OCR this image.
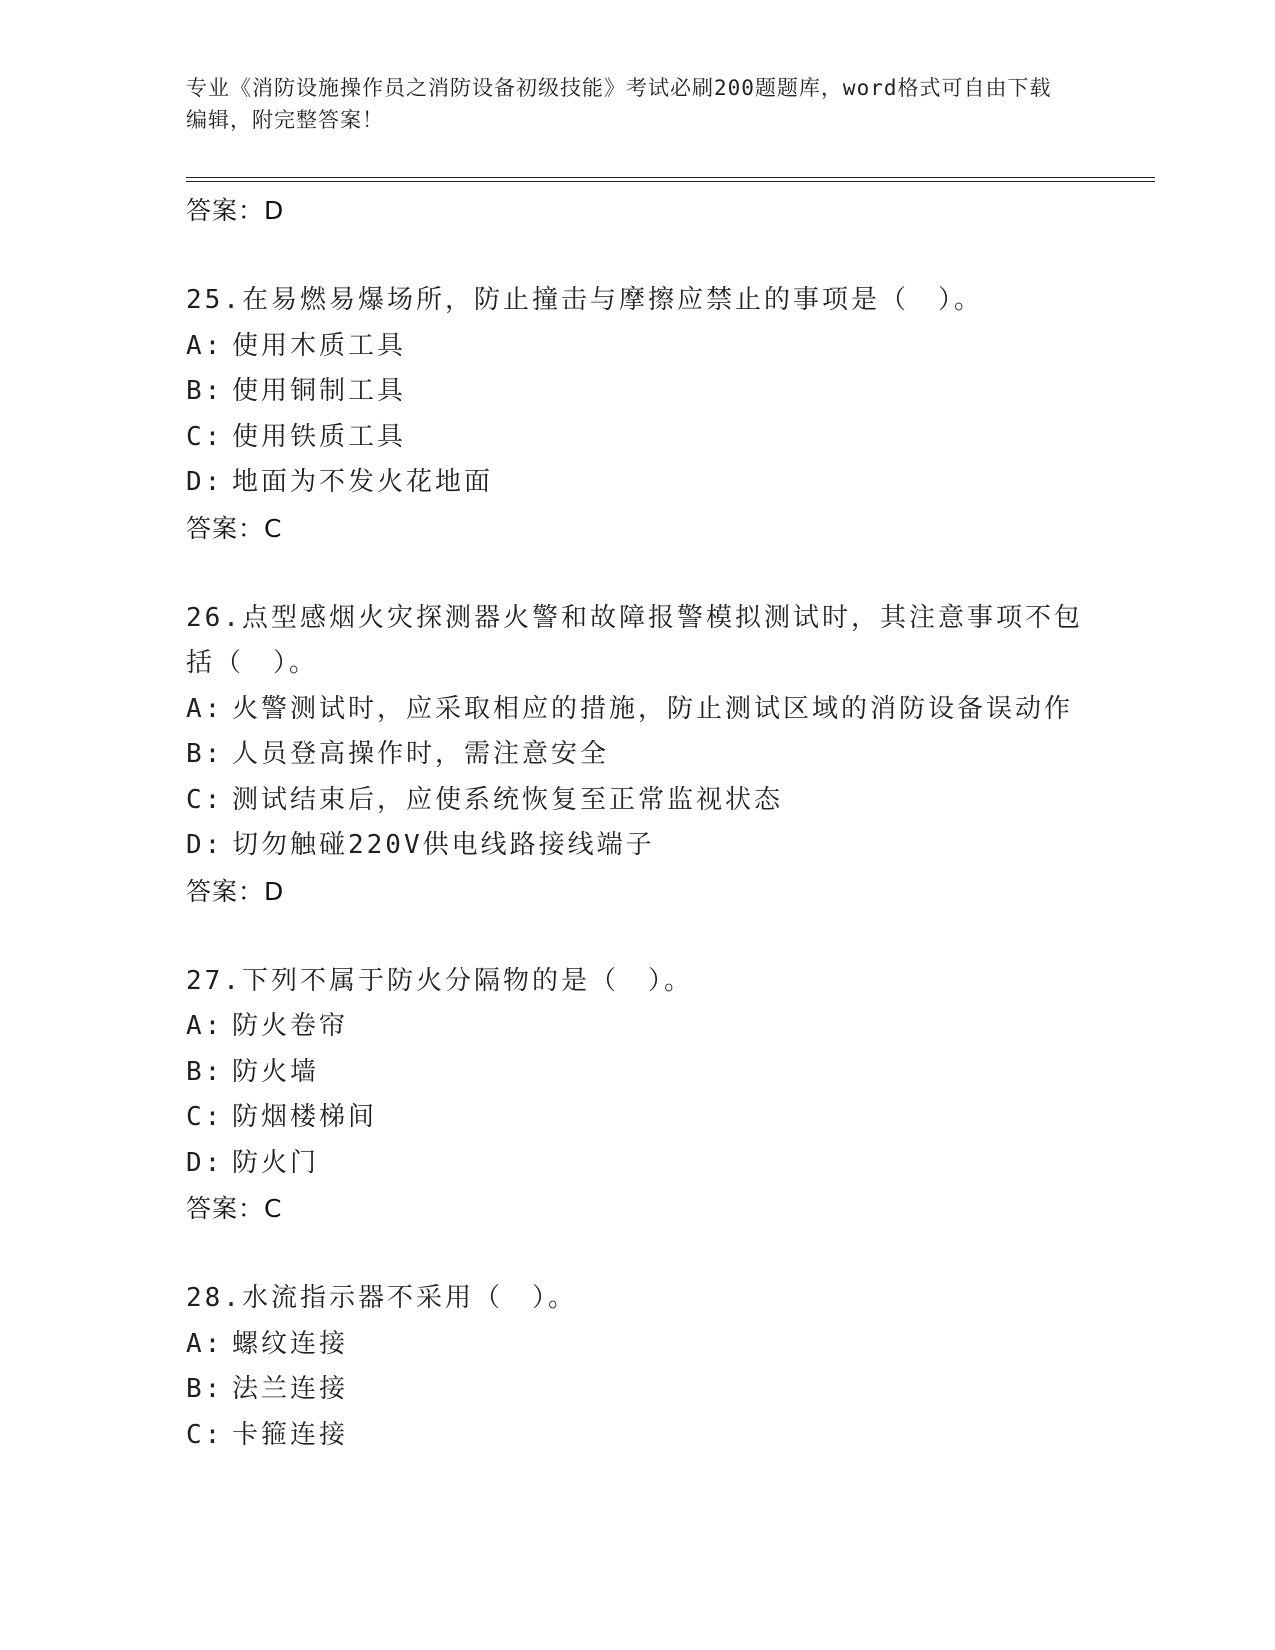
专业《消防设施操作员之消防设备初级技能》考试必刷200题题库，word格式可自由下载编辑，附完整答案！
答案：D
25.在易燃易爆场所，防止撞击与摩擦应禁止的事项是（　）。
A: 使用木质工具
B: 使用铜制工具
C: 使用铁质工具
D: 地面为不发火花地面
答案：C
26.点型感烟火灾探测器火警和故障报警模拟测试时，其注意事项不包括（　）。
A: 火警测试时，应采取相应的措施，防止测试区域的消防设备误动作
B: 人员登高操作时，需注意安全
C: 测试结束后，应使系统恢复至正常监视状态
D: 切勿触碰220V供电线路接线端子
答案：D
27.下列不属于防火分隔物的是（　）。
A: 防火卷帘
B: 防火墙
C: 防烟楼梯间
D: 防火门
答案：C
28.水流指示器不采用（　）。
A: 螺纹连接
B: 法兰连接
C: 卡箍连接
